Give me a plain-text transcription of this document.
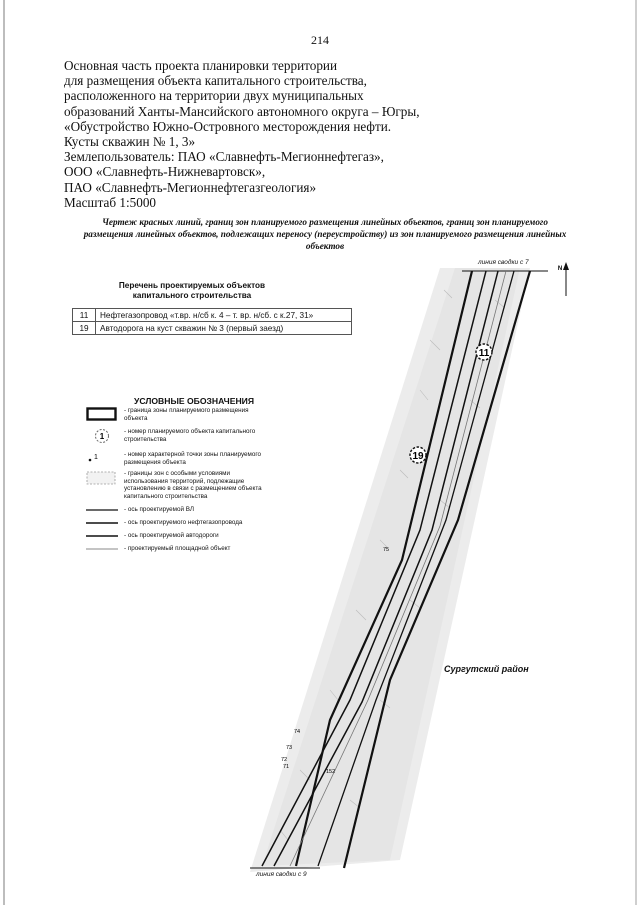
214
Основная часть проекта планировки территории
для размещения объекта капитального строительства,
расположенного на территории двух муниципальных
образований Ханты-Мансийского автономного округа – Югры,
«Обустройство Южно-Островного месторождения нефти.
Кусты скважин № 1, 3»
Землепользователь: ПАО «Славнефть-Мегионнефтегаз»,
ООО «Славнефть-Нижневартовск»,
ПАО «Славнефть-Мегионнефтегазгеология»
Масштаб 1:5000
Чертеж красных линий, границ зон планируемого размещения линейных объектов, границ зон планируемого размещения линейных объектов, подлежащих переносу (переустройству) из зон планируемого размещения линейных объектов
Перечень проектируемых объектов
капитального строительства
11	Нефтегазопровод «т.вр. н/сб к. 4 – т. вр. н/сб. с к.27, 31»
19	Автодорога на куст скважин № 3 (первый заезд)
УСЛОВНЫЕ ОБОЗНАЧЕНИЯ
- граница зоны планируемого размещения объекта
1
- номер планируемого объекта капитального строительства
1	- номер характерной точки зоны планируемого размещения объекта
- границы зон с особыми условиями использования территорий, подлежащие установлению в связи с размещением объекта капитального строительства
- ось проектируемой ВЛ
- ось проектируемого нефтегазопровода
- ось проектируемой автодороги
- проектируемый площадной объект
11
19
75
74
73
72
71
152
N
линия сводки с 7
линия сводки с 9
Сургутский район
